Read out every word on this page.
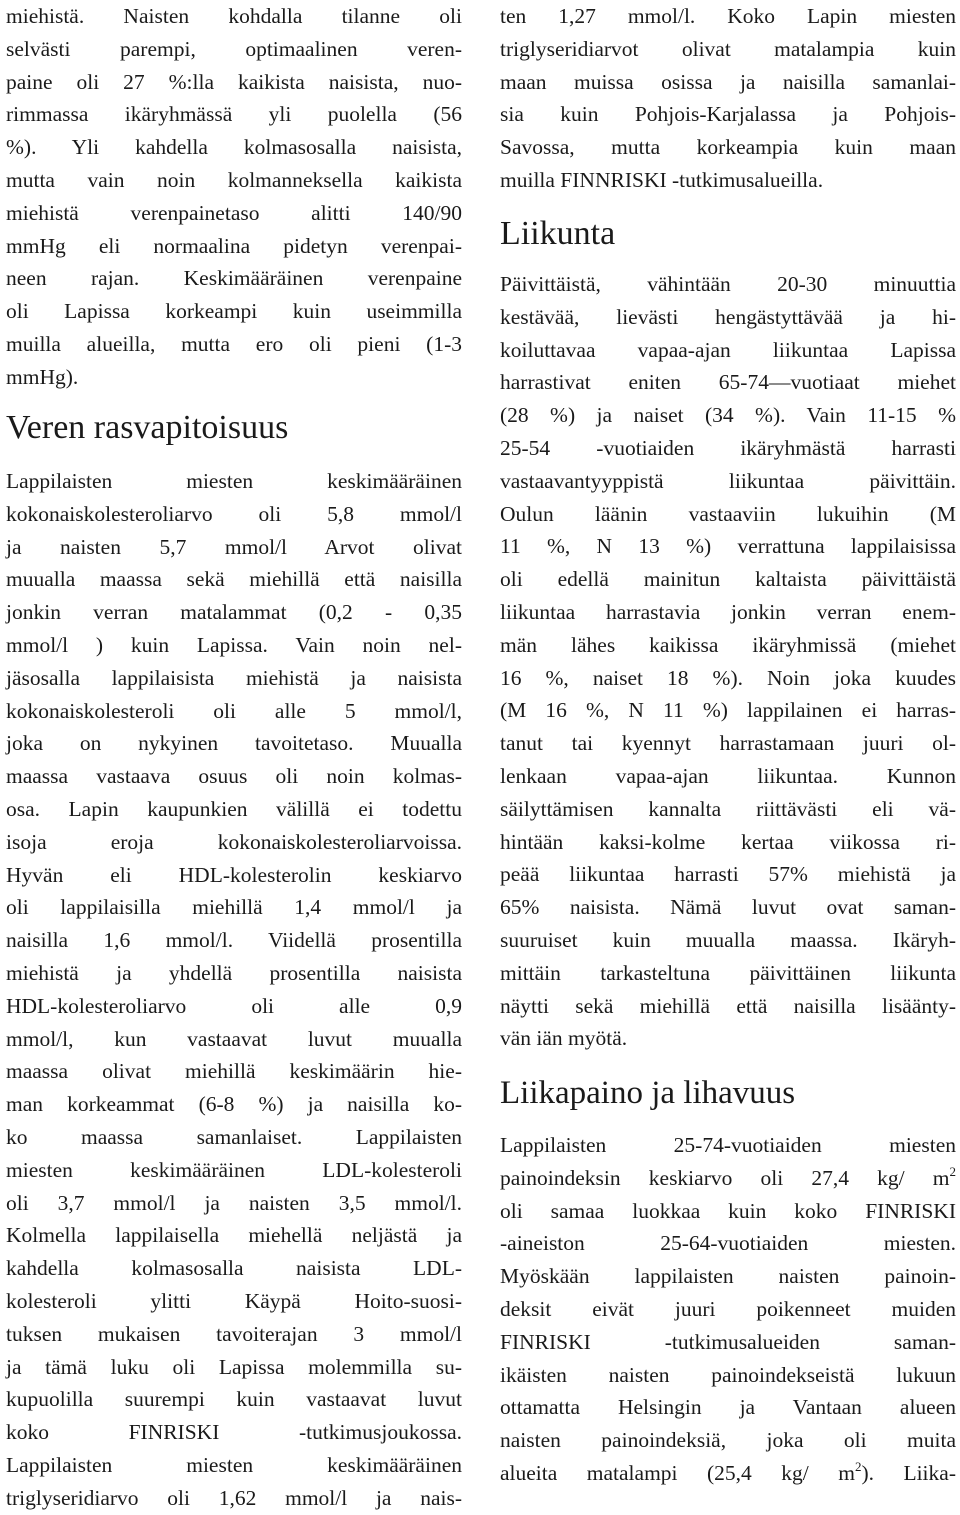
miehistä. Naisten kohdalla tilanne oli
selvästi parempi, optimaalinen veren-
paine oli 27 %:lla kaikista naisista, nuo-
rimmassa ikäryhmässä yli puolella (56
%). Yli kahdella kolmasosalla naisista,
mutta vain noin kolmanneksella kaikista
miehistä verenpainetaso alitti 140/90
mmHg eli normaalina pidetyn verenpai-
neen rajan. Keskimääräinen verenpaine
oli Lapissa korkeampi kuin useimmilla
muilla alueilla, mutta ero oli pieni (1-3
mmHg).
Veren rasvapitoisuus
Lappilaisten miesten keskimääräinen
kokonaiskolesteroliarvo oli 5,8 mmol/l
ja naisten 5,7 mmol/l Arvot olivat
muualla maassa sekä miehillä että naisilla
jonkin verran matalammat (0,2 - 0,35
mmol/l ) kuin Lapissa. Vain noin nel-
jäsosalla lappilaisista miehistä ja naisista
kokonaiskolesteroli oli alle 5 mmol/l,
joka on nykyinen tavoitetaso. Muualla
maassa vastaava osuus oli noin kolmas-
osa. Lapin kaupunkien välillä ei todettu
isoja eroja kokonaiskolesteroliarvoissa.
Hyvän eli HDL-kolesterolin keskiarvo
oli lappilaisilla miehillä 1,4 mmol/l ja
naisilla 1,6 mmol/l. Viidellä prosentilla
miehistä ja yhdellä prosentilla naisista
HDL-kolesteroliarvo oli alle 0,9
mmol/l, kun vastaavat luvut muualla
maassa olivat miehillä keskimäärin hie-
man korkeammat (6-8 %) ja naisilla ko-
ko maassa samanlaiset. Lappilaisten
miesten keskimääräinen LDL-kolesteroli
oli 3,7 mmol/l ja naisten 3,5 mmol/l.
Kolmella lappilaisella miehellä neljästä ja
kahdella kolmasosalla naisista LDL-
kolesteroli ylitti Käypä Hoito-suosi-
tuksen mukaisen tavoiterajan 3 mmol/l
ja tämä luku oli Lapissa molemmilla su-
kupuolilla suurempi kuin vastaavat luvut
koko FINRISKI -tutkimusjoukossa.
Lappilaisten miesten keskimääräinen
triglyseridiarvo oli 1,62 mmol/l ja nais-
ten 1,27 mmol/l. Koko Lapin miesten
triglyseridiarvot olivat matalampia kuin
maan muissa osissa ja naisilla samanlai-
sia kuin Pohjois-Karjalassa ja Pohjois-
Savossa, mutta korkeampia kuin maan
muilla FINNRISKI -tutkimusalueilla.
Liikunta
Päivittäistä, vähintään 20-30 minuuttia
kestävää, lievästi hengästyttävää ja hi-
koiluttavaa vapaa-ajan liikuntaa Lapissa
harrastivat eniten 65-74—vuotiaat miehet
(28 %) ja naiset (34 %). Vain 11-15 %
25-54 -vuotiaiden ikäryhmästä harrasti
vastaavantyyppistä liikuntaa päivittäin.
Oulun läänin vastaaviin lukuihin (M
11 %, N 13 %) verrattuna lappilaisissa
oli edellä mainitun kaltaista päivittäistä
liikuntaa harrastavia jonkin verran enem-
män lähes kaikissa ikäryhmissä (miehet
16 %, naiset 18 %). Noin joka kuudes
(M 16 %, N 11 %) lappilainen ei harras-
tanut tai kyennyt harrastamaan juuri ol-
lenkaan vapaa-ajan liikuntaa. Kunnon
säilyttämisen kannalta riittävästi eli vä-
hintään kaksi-kolme kertaa viikossa ri-
peää liikuntaa harrasti 57% miehistä ja
65% naisista. Nämä luvut ovat saman-
suuruiset kuin muualla maassa. Ikäryh-
mittäin tarkasteltuna päivittäinen liikunta
näytti sekä miehillä että naisilla lisäänty-
vän iän myötä.
Liikapaino ja lihavuus
Lappilaisten 25-74-vuotiaiden miesten
painoindeksin keskiarvo oli 27,4 kg/ $m^2$
oli samaa luokkaa kuin koko FINRISKI
-aineiston 25-64-vuotiaiden miesten.
Myöskään lappilaisten naisten painoin-
deksit eivät juuri poikenneet muiden
FINRISKI -tutkimusalueiden saman-
ikäisten naisten painoindekseistä lukuun
ottamatta Helsingin ja Vantaan alueen
naisten painoindeksiä, joka oli muita
alueita matalampi (25,4 kg/ $m^2$). Liika-
